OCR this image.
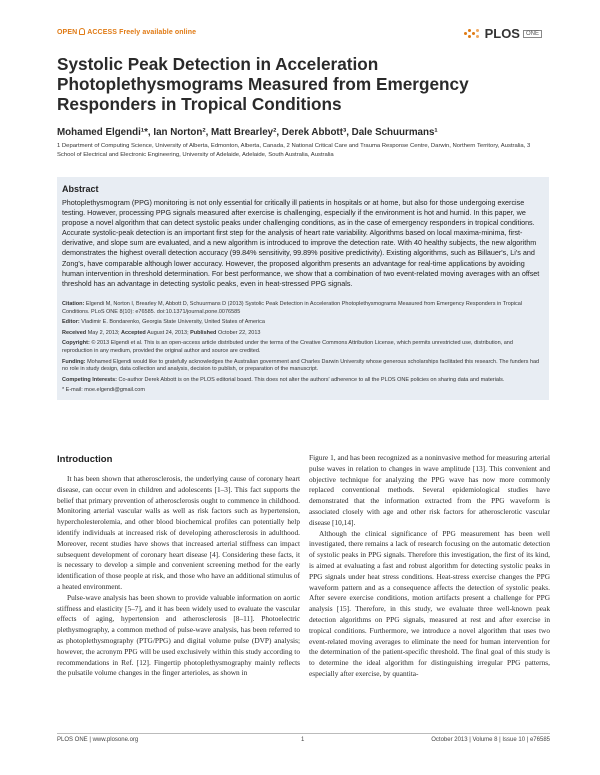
OPEN ACCESS Freely available online	PLOS	ONE
Systolic Peak Detection in Acceleration Photoplethysmograms Measured from Emergency Responders in Tropical Conditions
Mohamed Elgendi¹*, Ian Norton², Matt Brearley², Derek Abbott³, Dale Schuurmans¹
1 Department of Computing Science, University of Alberta, Edmonton, Alberta, Canada, 2 National Critical Care and Trauma Response Centre, Darwin, Northern Territory, Australia, 3 School of Electrical and Electronic Engineering, University of Adelaide, Adelaide, South Australia, Australia
Abstract
Photoplethysmogram (PPG) monitoring is not only essential for critically ill patients in hospitals or at home, but also for those undergoing exercise testing. However, processing PPG signals measured after exercise is challenging, especially if the environment is hot and humid. In this paper, we propose a novel algorithm that can detect systolic peaks under challenging conditions, as in the case of emergency responders in tropical conditions. Accurate systolic-peak detection is an important first step for the analysis of heart rate variability. Algorithms based on local maxima-minima, first-derivative, and slope sum are evaluated, and a new algorithm is introduced to improve the detection rate. With 40 healthy subjects, the new algorithm demonstrates the highest overall detection accuracy (99.84% sensitivity, 99.89% positive predictivity). Existing algorithms, such as Billauer's, Li's and Zong's, have comparable although lower accuracy. However, the proposed algorithm presents an advantage for real-time applications by avoiding human intervention in threshold determination. For best performance, we show that a combination of two event-related moving averages with an offset threshold has an advantage in detecting systolic peaks, even in heat-stressed PPG signals.

Citation: Elgendi M, Norton I, Brearley M, Abbott D, Schuurmans D (2013) Systolic Peak Detection in Acceleration Photoplethysmograms Measured from Emergency Responders in Tropical Conditions. PLoS ONE 8(10): e76585. doi:10.1371/journal.pone.0076585

Editor: Vladimir E. Bondarenko, Georgia State University, United States of America

Received May 2, 2013; Accepted August 24, 2013; Published October 22, 2013

Copyright: © 2013 Elgendi et al. This is an open-access article distributed under the terms of the Creative Commons Attribution License, which permits unrestricted use, distribution, and reproduction in any medium, provided the original author and source are credited.

Funding: Mohamed Elgendi would like to gratefully acknowledges the Australian government and Charles Darwin University whose generous scholarships facilitated this research. The funders had no role in study design, data collection and analysis, decision to publish, or preparation of the manuscript.

Competing Interests: Co-author Derek Abbott is on the PLOS editorial board. This does not alter the authors' adherence to all the PLOS ONE policies on sharing data and materials.

* E-mail: moe.elgendi@gmail.com

Introduction

It has been shown that atherosclerosis, the underlying cause of coronary heart disease, can occur even in children and adolescents [1–3]. This fact supports the belief that primary prevention of atherosclerosis ought to commence in childhood. Monitoring arterial vascular walls as well as risk factors such as hypertension, hypercholesterolemia, and other blood biochemical profiles can potentially help identify individuals at increased risk of developing atherosclerosis in adulthood. Moreover, recent studies have shows that increased arterial stiffness can impact subsequent development of coronary heart disease [4]. Considering these facts, it is necessary to develop a simple and convenient screening method for the early identification of those people at risk, and those who have an additional stimulus of a heated environment.

Pulse-wave analysis has been shown to provide valuable information on aortic stiffness and elasticity [5–7], and it has been widely used to evaluate the vascular effects of aging, hypertension and atherosclerosis [8–11]. Photoelectric plethysmography, a common method of pulse-wave analysis, has been referred to as photoplethysmography (PTG/PPG) and digital volume pulse (DVP) analysis; however, the acronym PPG will be used exclusively within this study according to recommendations in Ref. [12]. Fingertip photoplethysmography mainly reflects the pulsatile volume changes in the finger arterioles, as shown in

Figure 1, and has been recognized as a noninvasive method for measuring arterial pulse waves in relation to changes in wave amplitude [13]. This convenient and objective technique for analyzing the PPG wave has now more commonly replaced conventional methods. Several epidemiological studies have demonstrated that the information extracted from the PPG waveform is associated closely with age and other risk factors for atherosclerotic vascular disease [10,14].

Although the clinical significance of PPG measurement has been well investigated, there remains a lack of research focusing on the automatic detection of systolic peaks in PPG signals. Therefore this investigation, the first of its kind, is aimed at evaluating a fast and robust algorithm for detecting systolic peaks in PPG signals under heat stress conditions. Heat-stress exercise changes the PPG waveform pattern and as a consequence affects the detection of systolic peaks. After severe exercise conditions, motion artifacts present a challenge for PPG analysis [15]. Therefore, in this study, we evaluate three well-known peak detection algorithms on PPG signals, measured at rest and after exercise in tropical conditions. Furthermore, we introduce a novel algorithm that uses two event-related moving averages to eliminate the need for human intervention for the determination of the patient-specific threshold. The final goal of this study is to determine the ideal algorithm for distinguishing irregular PPG patterns, especially after exercise, by quantita-

PLOS ONE | www.plosone.org	1	October 2013 | Volume 8 | Issue 10 | e76585
